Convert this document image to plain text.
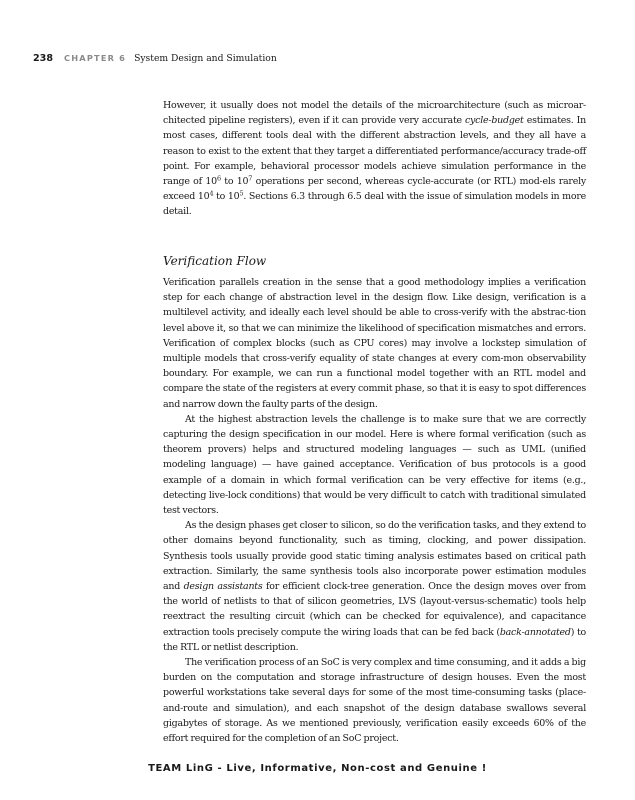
238 CHAPTER 6 System Design and Simulation

However, it usually does not model the details of the microarchitecture (such as microar-chitected pipeline registers), even if it can provide very accurate cycle-budget estimates. In most cases, different tools deal with the different abstraction levels, and they all have a reason to exist to the extent that they target a differentiated performance/accuracy trade-off point. For example, behavioral processor models achieve simulation performance in the range of $10^6$ to $10^7$ operations per second, whereas cycle-accurate (or RTL) mod-els rarely exceed $10^4$ to $10^5$. Sections 6.3 through 6.5 deal with the issue of simulation models in more detail.

Verification Flow

Verification parallels creation in the sense that a good methodology implies a verification step for each change of abstraction level in the design flow. Like design, verification is a multilevel activity, and ideally each level should be able to cross-verify with the abstrac-tion level above it, so that we can minimize the likelihood of specification mismatches and errors. Verification of complex blocks (such as CPU cores) may involve a lockstep simulation of multiple models that cross-verify equality of state changes at every com-mon observability boundary. For example, we can run a functional model together with an RTL model and compare the state of the registers at every commit phase, so that it is easy to spot differences and narrow down the faulty parts of the design.

At the highest abstraction levels the challenge is to make sure that we are correctly capturing the design specification in our model. Here is where formal verification (such as theorem provers) helps and structured modeling languages — such as UML (unified modeling language) — have gained acceptance. Verification of bus protocols is a good example of a domain in which formal verification can be very effective for items (e.g., detecting live-lock conditions) that would be very difficult to catch with traditional simulated test vectors.

As the design phases get closer to silicon, so do the verification tasks, and they extend to other domains beyond functionality, such as timing, clocking, and power dissipation. Synthesis tools usually provide good static timing analysis estimates based on critical path extraction. Similarly, the same synthesis tools also incorporate power estimation modules and design assistants for efficient clock-tree generation. Once the design moves over from the world of netlists to that of silicon geometries, LVS (layout-versus-schematic) tools help reextract the resulting circuit (which can be checked for equivalence), and capacitance extraction tools precisely compute the wiring loads that can be fed back (back-annotated) to the RTL or netlist description.

The verification process of an SoC is very complex and time consuming, and it adds a big burden on the computation and storage infrastructure of design houses. Even the most powerful workstations take several days for some of the most time-consuming tasks (place-and-route and simulation), and each snapshot of the design database swallows several gigabytes of storage. As we mentioned previously, verification easily exceeds 60% of the effort required for the completion of an SoC project.

TEAM LinG - Live, Informative, Non-cost and Genuine !
